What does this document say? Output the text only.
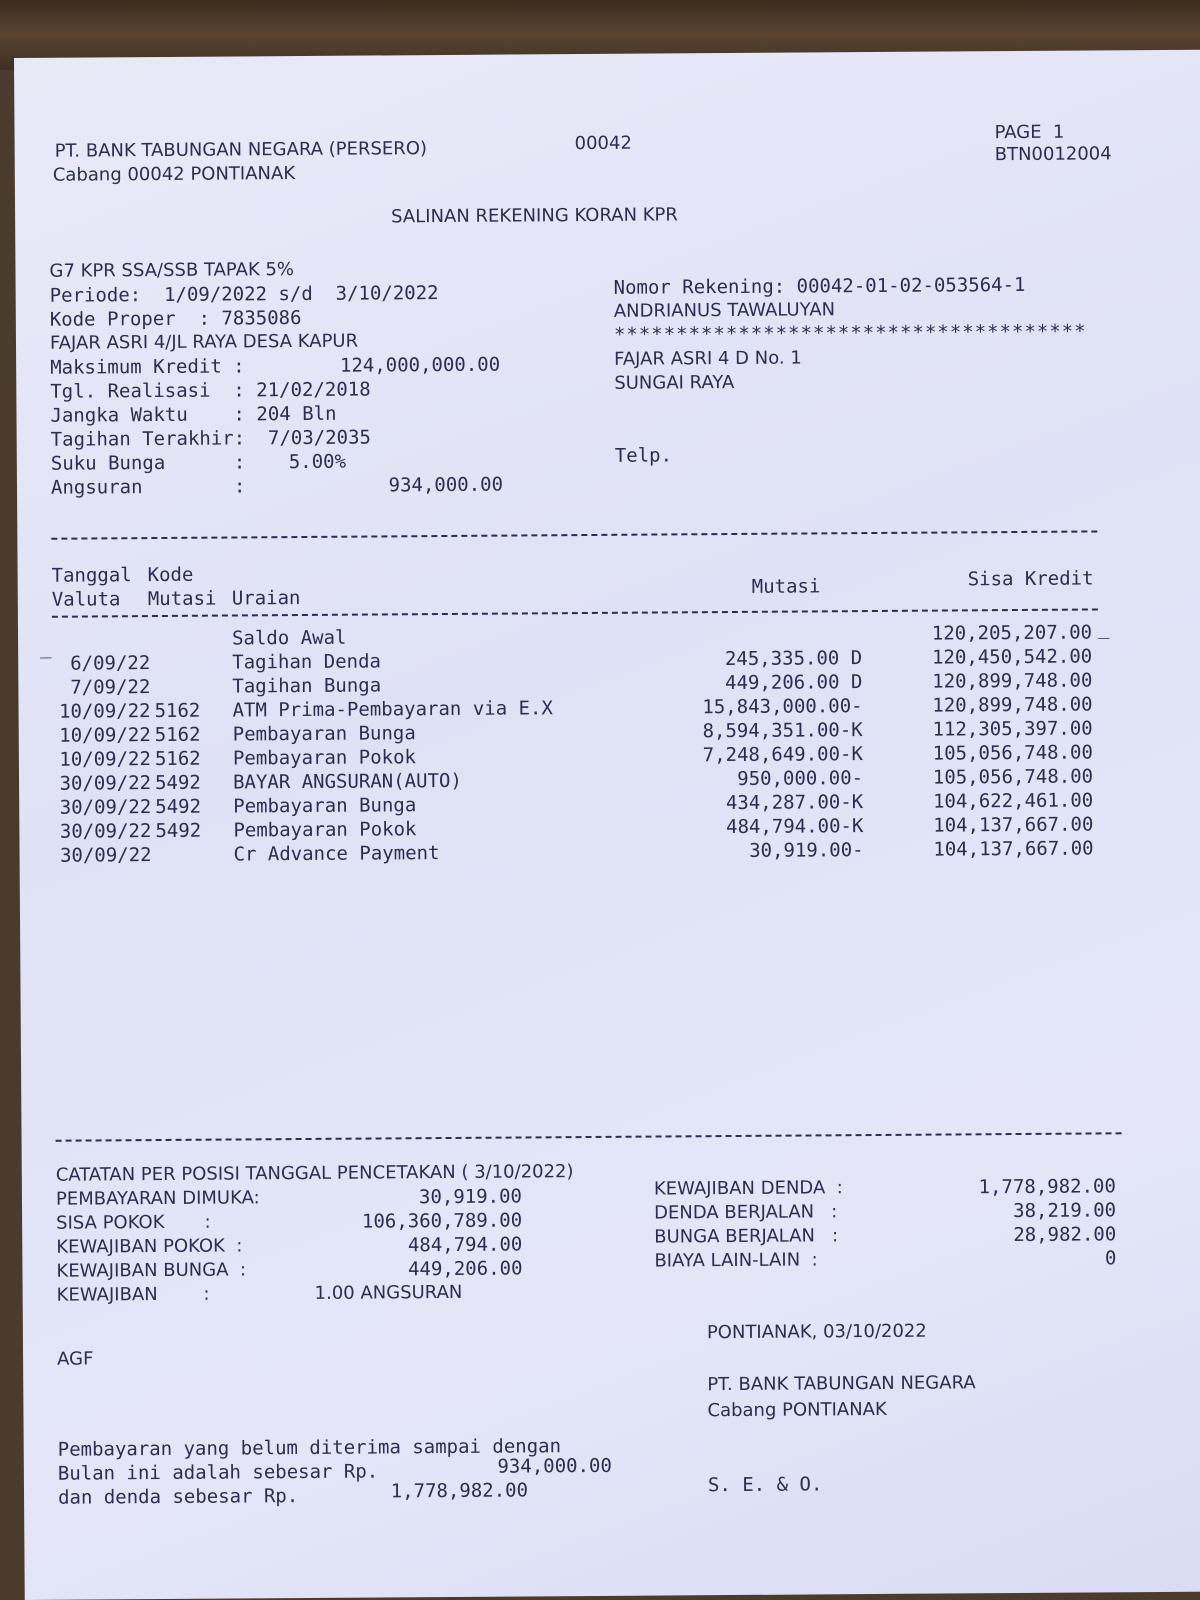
PT. BANK TABUNGAN NEGARA (PERSERO)
Cabang 00042 PONTIANAK
00042
PAGE  1
BTN0012004
SALINAN REKENING KORAN KPR
G7 KPR SSA/SSB TAPAK 5%
Periode:  1/09/2022 s/d  3/10/2022
Kode Proper  : 7835086
FAJAR ASRI 4/JL RAYA DESA KAPUR
Maksimum Kredit :	124,000,000.00
Tgl. Realisasi  : 21/02/2018
Jangka Waktu    : 204 Bln
Tagihan Terakhir:  7/03/2035
Suku Bunga      : 5.00%
Angsuran        :	934,000.00
Nomor Rekening: 00042-01-02-053564-1
ANDRIANUS TAWALUYAN
**************************************
FAJAR ASRI 4 D No. 1
SUNGAI RAYA
Telp.
Tanggal Kode
Valuta Mutasi Uraian
Mutasi	Sisa Kredit
Saldo Awal	120,205,207.00
6/09/22	Tagihan Denda	245,335.00 D	120,450,542.00
7/09/22	Tagihan Bunga	449,206.00 D	120,899,748.00
10/09/22 5162 ATM Prima-Pembayaran via E.X	15,843,000.00-	120,899,748.00
10/09/22 5162 Pembayaran Bunga	8,594,351.00-K	112,305,397.00
10/09/22 5162 Pembayaran Pokok	7,248,649.00-K	105,056,748.00
30/09/22 5492 BAYAR ANGSURAN(AUTO)	950,000.00-	105,056,748.00
30/09/22 5492 Pembayaran Bunga	434,287.00-K	104,622,461.00
30/09/22 5492 Pembayaran Pokok	484,794.00-K	104,137,667.00
30/09/22	Cr Advance Payment	30,919.00-	104,137,667.00
_
_
CATATAN PER POSISI TANGGAL PENCETAKAN ( 3/10/2022)
PEMBAYARAN DIMUKA:	30,919.00
SISA POKOK       :	106,360,789.00
KEWAJIBAN POKOK  :	484,794.00
KEWAJIBAN BUNGA  :	449,206.00
KEWAJIBAN        :	1.00 ANGSURAN
KEWAJIBAN DENDA  :	1,778,982.00
DENDA BERJALAN   :	38,219.00
BUNGA BERJALAN   :	28,982.00
BIAYA LAIN-LAIN  :	0
PONTIANAK, 03/10/2022
AGF
PT. BANK TABUNGAN NEGARA
Cabang PONTIANAK
Pembayaran yang belum diterima sampai dengan
Bulan ini adalah sebesar Rp.	934,000.00
dan denda sebesar Rp.	1,778,982.00	S. E. & O.
